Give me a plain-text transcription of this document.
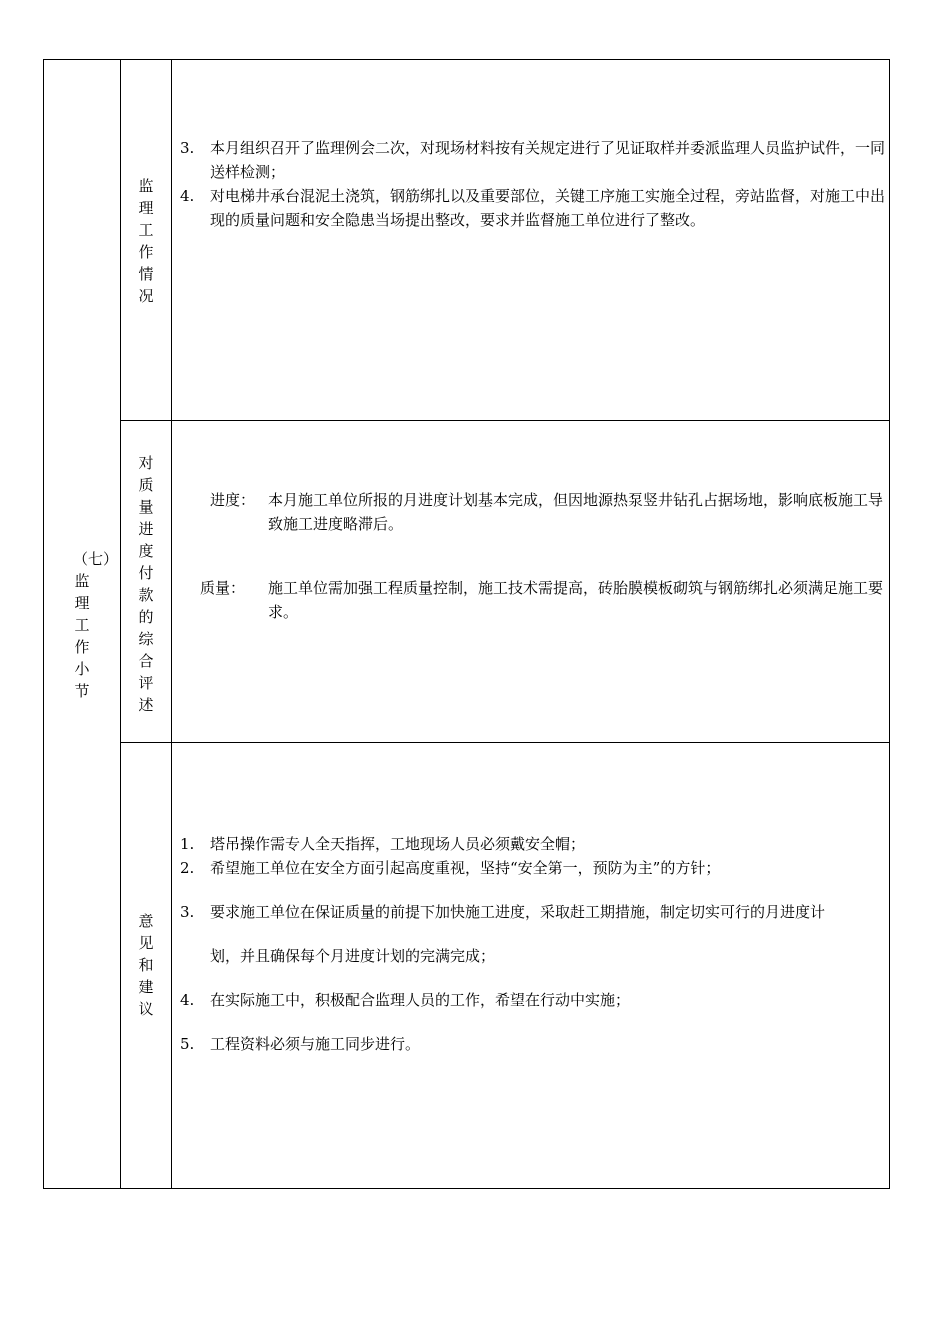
（七）监理工作小节
监理工作情况
对质量进度付款的综合评述
意见和建议
3. 本月组织召开了监理例会二次，对现场材料按有关规定进行了见证取样并委派监理人员监护试件，一同送样检测；
4. 对电梯井承台混泥土浇筑，钢筋绑扎以及重要部位，关键工序施工实施全过程，旁站监督，对施工中出现的质量问题和安全隐患当场提出整改，要求并监督施工单位进行了整改。
进度： 本月施工单位所报的月进度计划基本完成，但因地源热泵竖井钻孔占据场地，影响底板施工导致施工进度略滞后。
质量： 施工单位需加强工程质量控制，施工技术需提高，砖胎膜模板砌筑与钢筋绑扎必须满足施工要求。
1. 塔吊操作需专人全天指挥，工地现场人员必须戴安全帽；
2. 希望施工单位在安全方面引起高度重视，坚持“安全第一，预防为主”的方针；
3. 要求施工单位在保证质量的前提下加快施工进度，采取赶工期措施，制定切实可行的月进度计划，并且确保每个月进度计划的完满完成；
4. 在实际施工中，积极配合监理人员的工作，希望在行动中实施；
5. 工程资料必须与施工同步进行。
